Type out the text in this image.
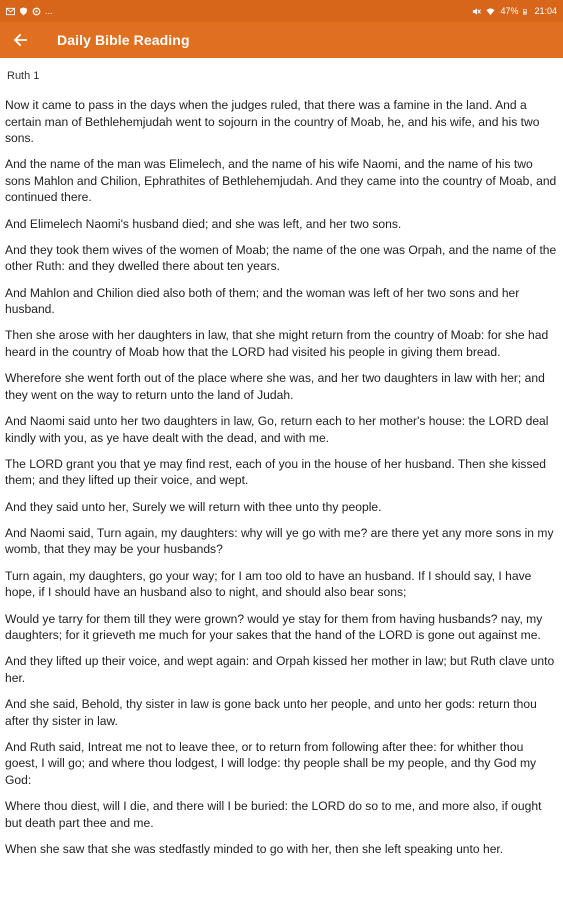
...	47% 21:04
Daily Bible Reading
Ruth 1

Now it came to pass in the days when the judges ruled, that there was a famine in the land. And a certain man of Bethlehemjudah went to sojourn in the country of Moab, he, and his wife, and his two sons.

And the name of the man was Elimelech, and the name of his wife Naomi, and the name of his two sons Mahlon and Chilion, Ephrathites of Bethlehemjudah. And they came into the country of Moab, and continued there.

And Elimelech Naomi's husband died; and she was left, and her two sons.

And they took them wives of the women of Moab; the name of the one was Orpah, and the name of the other Ruth: and they dwelled there about ten years.

And Mahlon and Chilion died also both of them; and the woman was left of her two sons and her husband.

Then she arose with her daughters in law, that she might return from the country of Moab: for she had heard in the country of Moab how that the LORD had visited his people in giving them bread.

Wherefore she went forth out of the place where she was, and her two daughters in law with her; and they went on the way to return unto the land of Judah.

And Naomi said unto her two daughters in law, Go, return each to her mother's house: the LORD deal kindly with you, as ye have dealt with the dead, and with me.

The LORD grant you that ye may find rest, each of you in the house of her husband. Then she kissed them; and they lifted up their voice, and wept.

And they said unto her, Surely we will return with thee unto thy people.

And Naomi said, Turn again, my daughters: why will ye go with me? are there yet any more sons in my womb, that they may be your husbands?

Turn again, my daughters, go your way; for I am too old to have an husband. If I should say, I have hope, if I should have an husband also to night, and should also bear sons;

Would ye tarry for them till they were grown? would ye stay for them from having husbands? nay, my daughters; for it grieveth me much for your sakes that the hand of the LORD is gone out against me.

And they lifted up their voice, and wept again: and Orpah kissed her mother in law; but Ruth clave unto her.

And she said, Behold, thy sister in law is gone back unto her people, and unto her gods: return thou after thy sister in law.

And Ruth said, Intreat me not to leave thee, or to return from following after thee: for whither thou goest, I will go; and where thou lodgest, I will lodge: thy people shall be my people, and thy God my God:

Where thou diest, will I die, and there will I be buried: the LORD do so to me, and more also, if ought but death part thee and me.

When she saw that she was stedfastly minded to go with her, then she left speaking unto her.
